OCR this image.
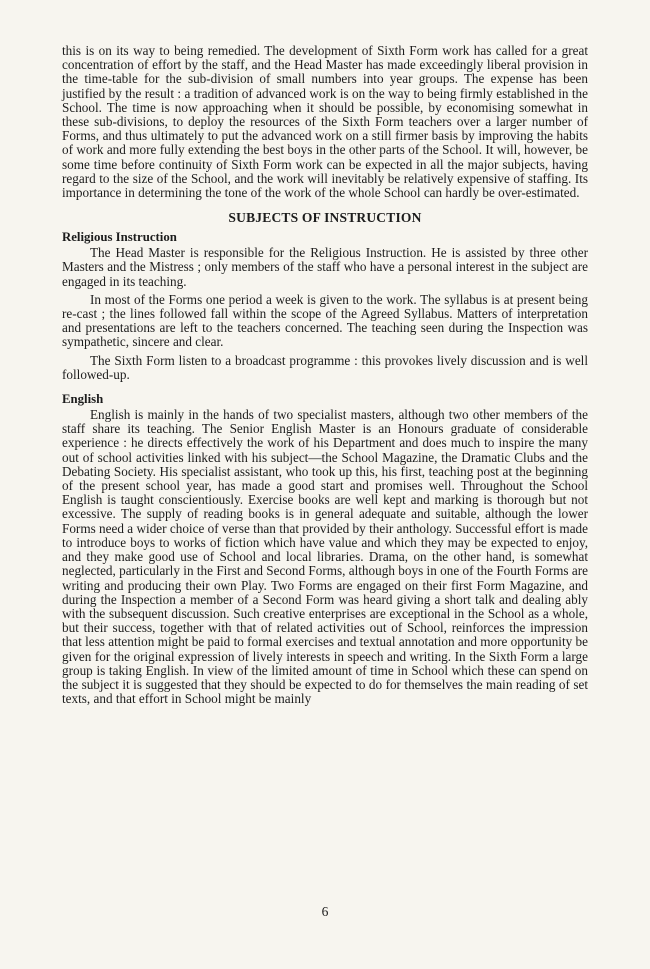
this is on its way to being remedied. The development of Sixth Form work has called for a great concentration of effort by the staff, and the Head Master has made exceedingly liberal provision in the time-table for the sub-division of small numbers into year groups. The expense has been justified by the result : a tradition of advanced work is on the way to being firmly established in the School. The time is now approaching when it should be possible, by economising somewhat in these sub-divisions, to deploy the resources of the Sixth Form teachers over a larger number of Forms, and thus ultimately to put the advanced work on a still firmer basis by improving the habits of work and more fully extending the best boys in the other parts of the School. It will, however, be some time before continuity of Sixth Form work can be expected in all the major subjects, having regard to the size of the School, and the work will inevitably be relatively expensive of staffing. Its importance in determining the tone of the work of the whole School can hardly be over-estimated.

SUBJECTS OF INSTRUCTION
Religious Instruction

The Head Master is responsible for the Religious Instruction. He is assisted by three other Masters and the Mistress ; only members of the staff who have a personal interest in the subject are engaged in its teaching.

In most of the Forms one period a week is given to the work. The syllabus is at present being re-cast ; the lines followed fall within the scope of the Agreed Syllabus. Matters of interpretation and presentations are left to the teachers concerned. The teaching seen during the Inspection was sympathetic, sincere and clear.

The Sixth Form listen to a broadcast programme : this provokes lively discussion and is well followed-up.

English

English is mainly in the hands of two specialist masters, although two other members of the staff share its teaching. The Senior English Master is an Honours graduate of considerable experience : he directs effectively the work of his Department and does much to inspire the many out of school activities linked with his subject—the School Magazine, the Dramatic Clubs and the Debating Society. His specialist assistant, who took up this, his first, teaching post at the beginning of the present school year, has made a good start and promises well. Throughout the School English is taught conscientiously. Exercise books are well kept and marking is thorough but not excessive. The supply of reading books is in general adequate and suitable, although the lower Forms need a wider choice of verse than that provided by their anthology. Successful effort is made to introduce boys to works of fiction which have value and which they may be expected to enjoy, and they make good use of School and local libraries. Drama, on the other hand, is somewhat neglected, particularly in the First and Second Forms, although boys in one of the Fourth Forms are writing and producing their own Play. Two Forms are engaged on their first Form Magazine, and during the Inspection a member of a Second Form was heard giving a short talk and dealing ably with the subsequent discussion. Such creative enterprises are exceptional in the School as a whole, but their success, together with that of related activities out of School, reinforces the impression that less attention might be paid to formal exercises and textual annotation and more opportunity be given for the original expression of lively interests in speech and writing. In the Sixth Form a large group is taking English. In view of the limited amount of time in School which these can spend on the subject it is suggested that they should be expected to do for themselves the main reading of set texts, and that effort in School might be mainly

6
